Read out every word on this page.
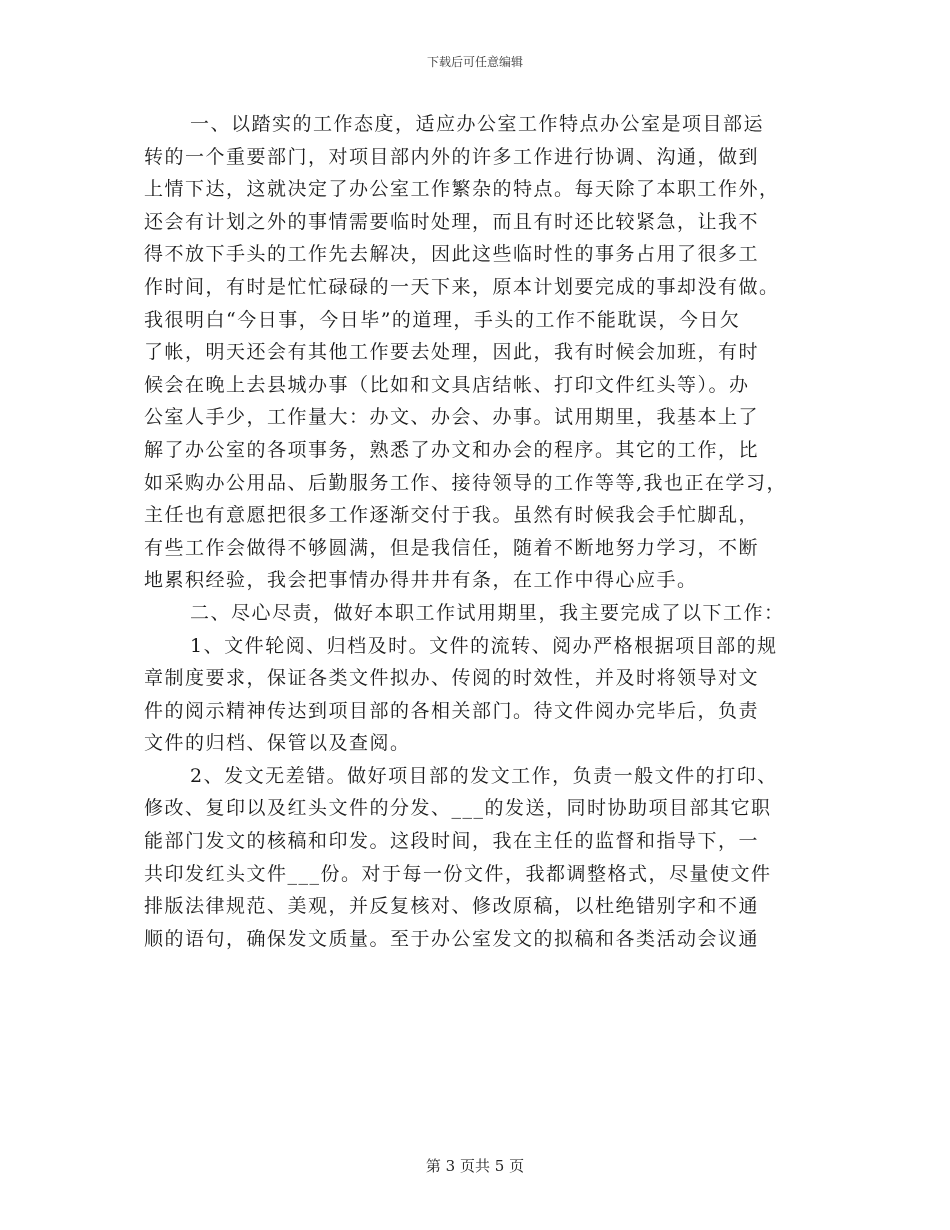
下载后可任意编辑
一、以踏实的工作态度，适应办公室工作特点办公室是项目部运
转的一个重要部门，对项目部内外的许多工作进行协调、沟通，做到
上情下达，这就决定了办公室工作繁杂的特点。每天除了本职工作外，
还会有计划之外的事情需要临时处理，而且有时还比较紧急，让我不
得不放下手头的工作先去解决，因此这些临时性的事务占用了很多工
作时间，有时是忙忙碌碌的一天下来，原本计划要完成的事却没有做。
我很明白“今日事，今日毕”的道理，手头的工作不能耽误，今日欠
了帐，明天还会有其他工作要去处理，因此，我有时候会加班，有时
候会在晚上去县城办事（比如和文具店结帐、打印文件红头等）。办
公室人手少，工作量大：办文、办会、办事。试用期里，我基本上了
解了办公室的各项事务，熟悉了办文和办会的程序。其它的工作，比
如采购办公用品、后勤服务工作、接待领导的工作等等,我也正在学习，
主任也有意愿把很多工作逐渐交付于我。虽然有时候我会手忙脚乱，
有些工作会做得不够圆满，但是我信任，随着不断地努力学习，不断
地累积经验，我会把事情办得井井有条，在工作中得心应手。
二、尽心尽责，做好本职工作试用期里，我主要完成了以下工作：
1、文件轮阅、归档及时。文件的流转、阅办严格根据项目部的规
章制度要求，保证各类文件拟办、传阅的时效性，并及时将领导对文
件的阅示精神传达到项目部的各相关部门。待文件阅办完毕后，负责
文件的归档、保管以及查阅。
2、发文无差错。做好项目部的发文工作，负责一般文件的打印、
修改、复印以及红头文件的分发、___的发送，同时协助项目部其它职
能部门发文的核稿和印发。这段时间，我在主任的监督和指导下，一
共印发红头文件___份。对于每一份文件，我都调整格式，尽量使文件
排版法律规范、美观，并反复核对、修改原稿，以杜绝错别字和不通
顺的语句，确保发文质量。至于办公室发文的拟稿和各类活动会议通
第 3 页共 5 页
